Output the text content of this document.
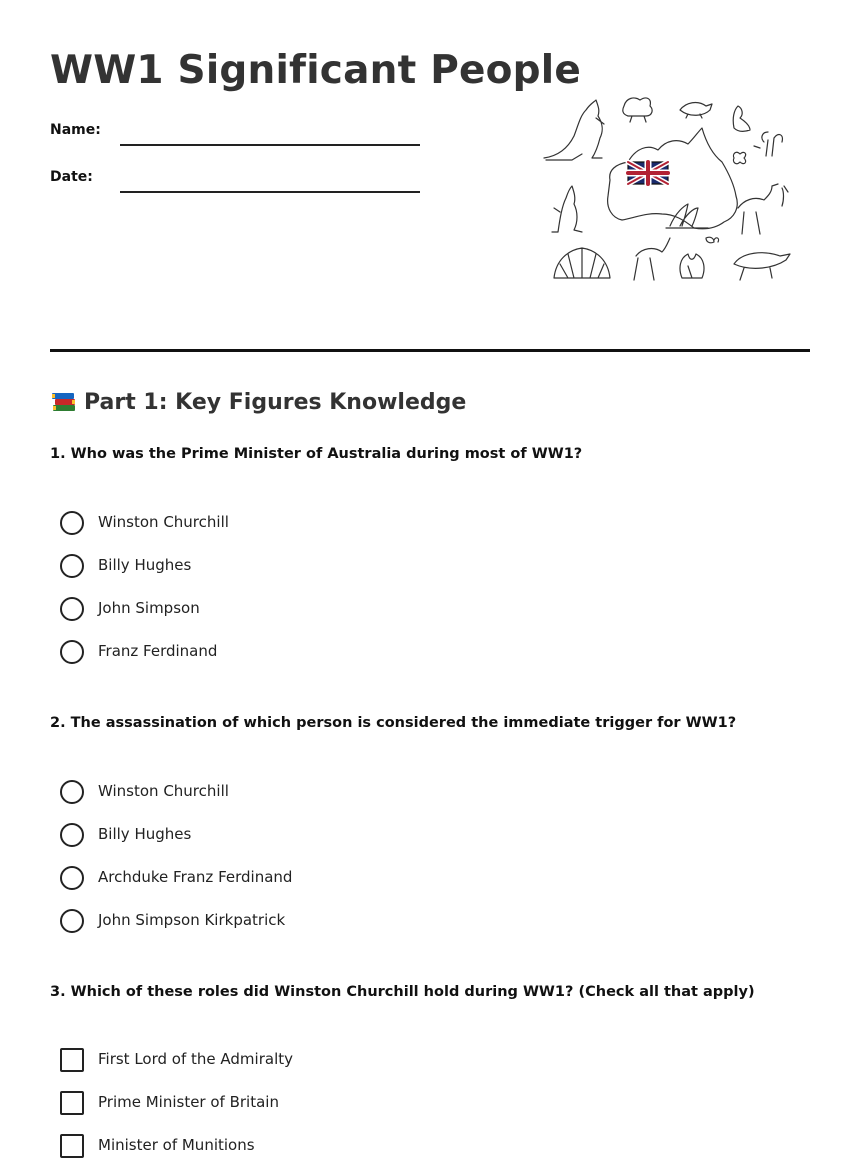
WW1 Significant People
Name:
Date:
Part 1: Key Figures Knowledge

1. Who was the Prime Minister of Australia during most of WW1?

Winston Churchill
Billy Hughes
John Simpson
Franz Ferdinand

2. The assassination of which person is considered the immediate trigger for WW1?

Winston Churchill
Billy Hughes
Archduke Franz Ferdinand
John Simpson Kirkpatrick

3. Which of these roles did Winston Churchill hold during WW1? (Check all that apply)

First Lord of the Admiralty
Prime Minister of Britain
Minister of Munitions
